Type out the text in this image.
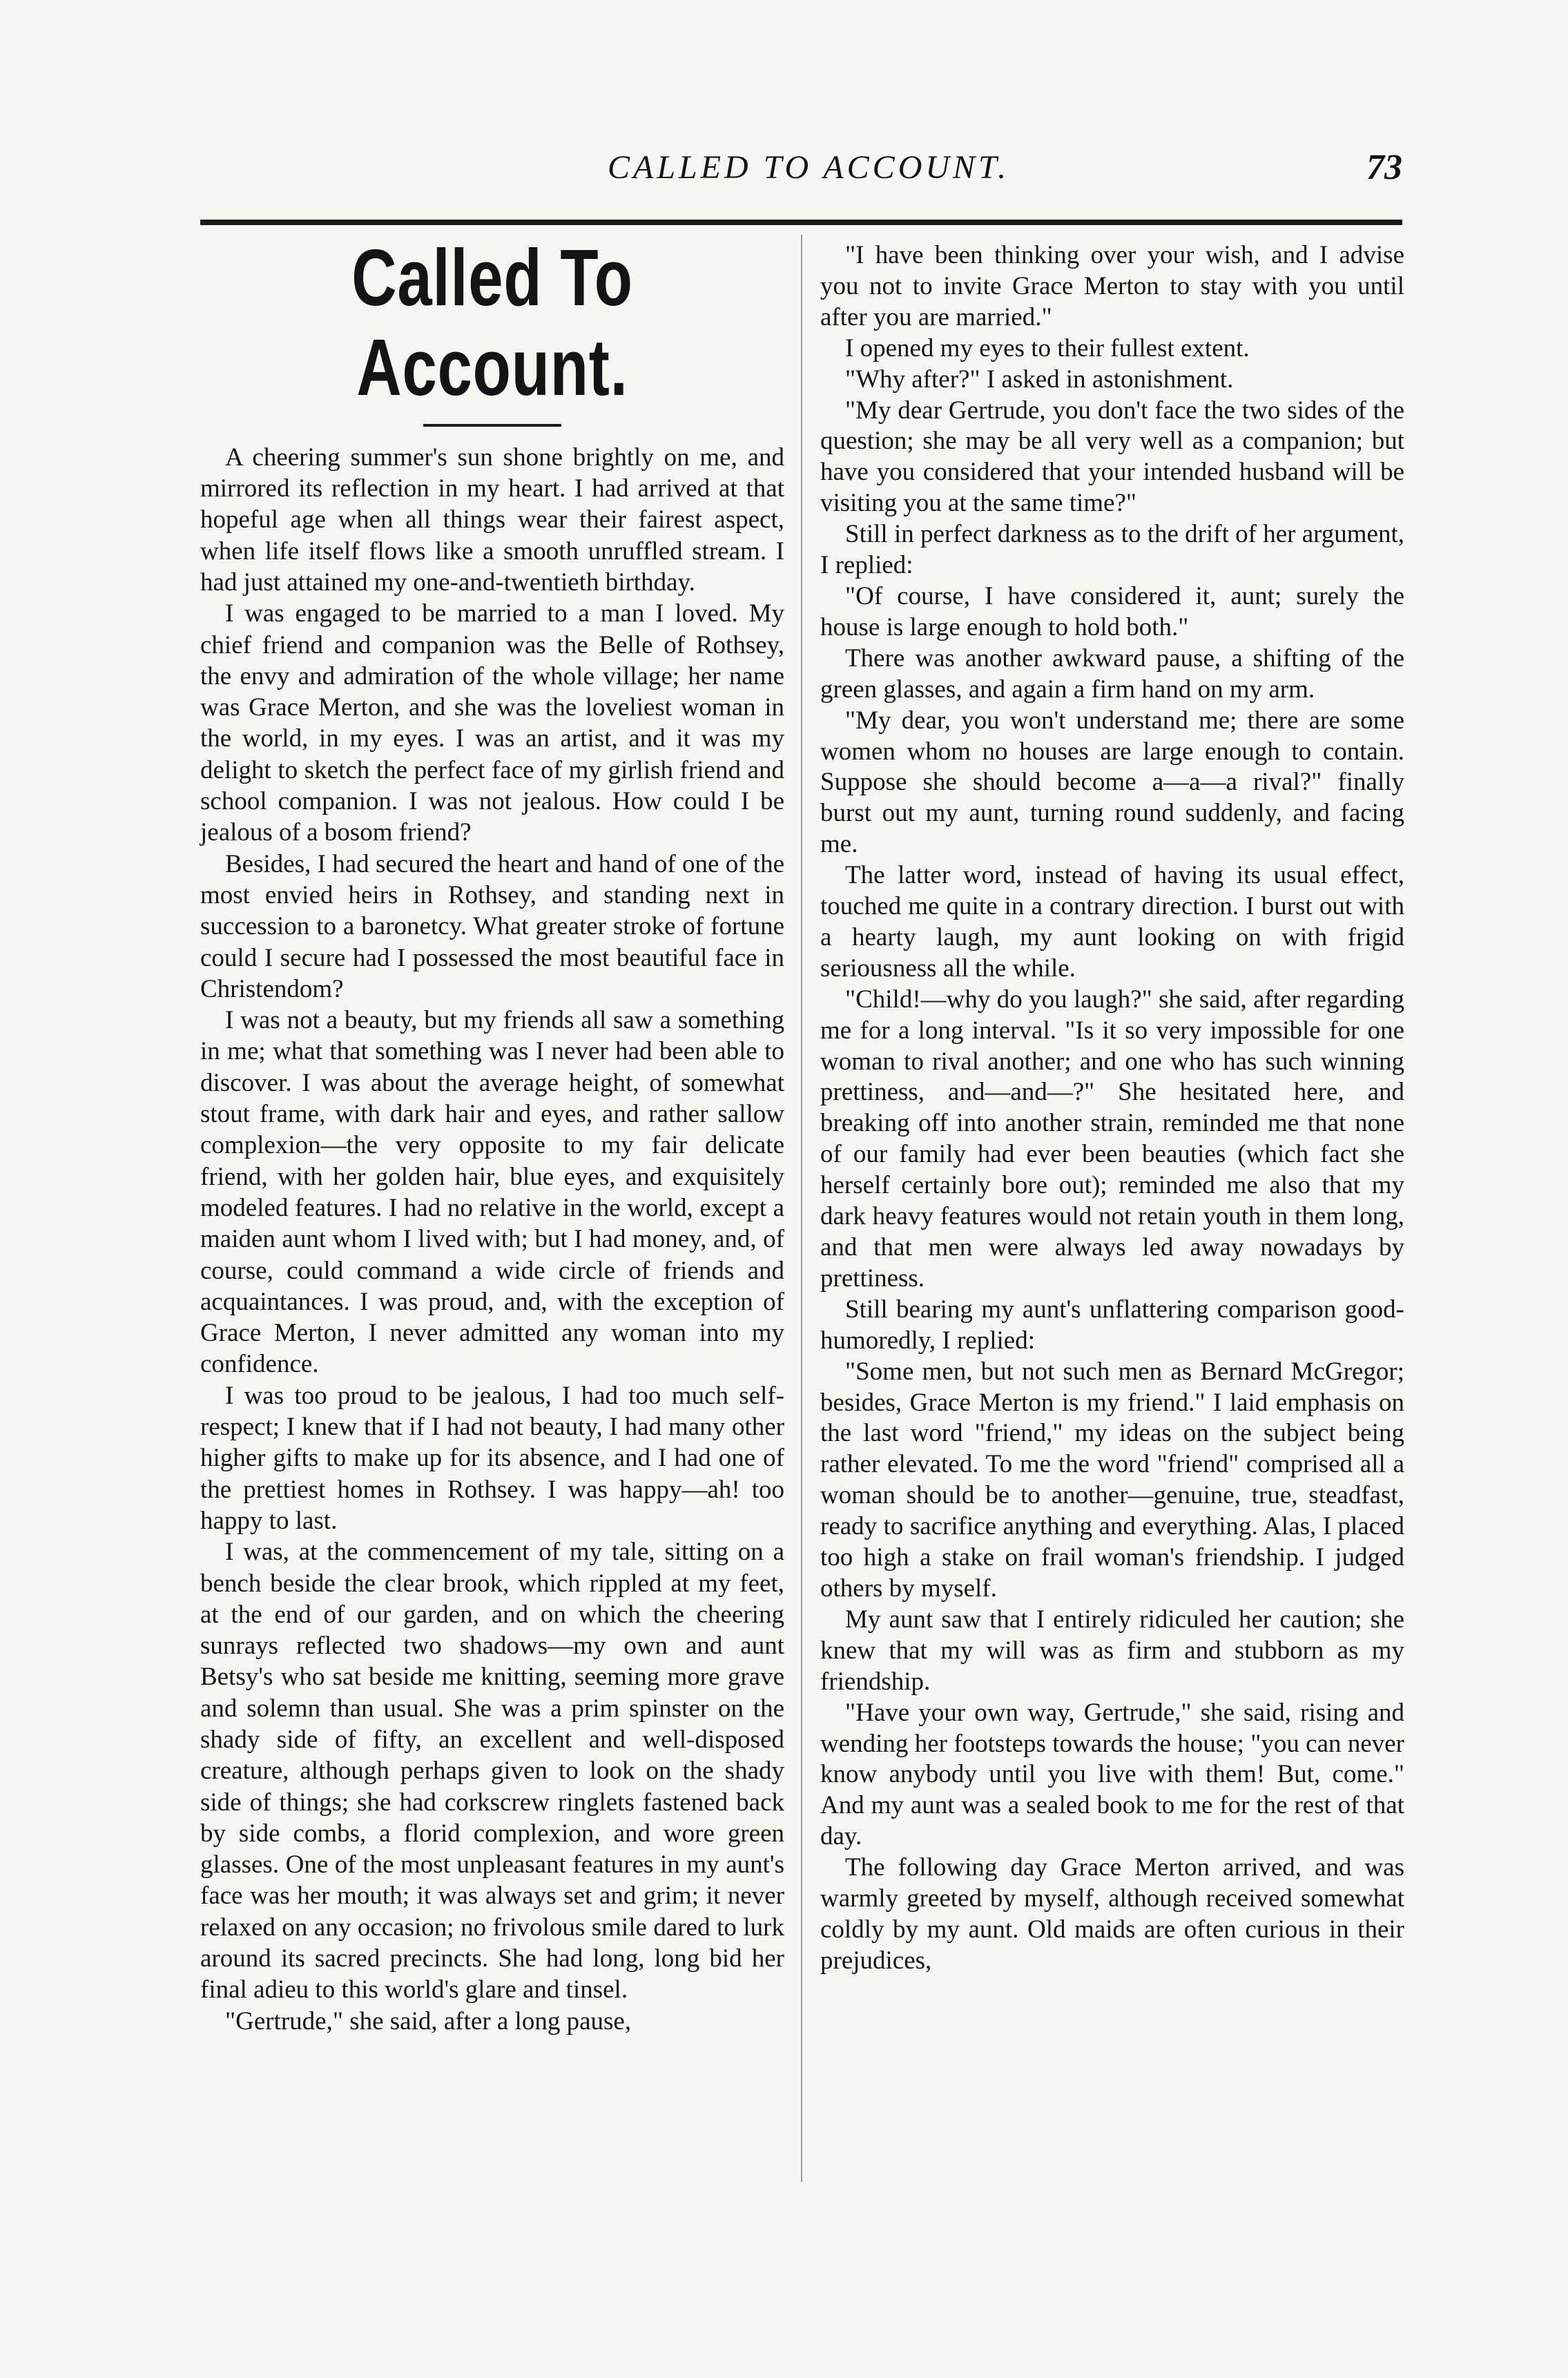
CALLED TO ACCOUNT.	73
Called To Account.

A cheering summer's sun shone brightly on me, and mirrored its reflection in my heart. I had arrived at that hopeful age when all things wear their fairest aspect, when life itself flows like a smooth unruffled stream. I had just attained my one-and-twentieth birthday.

I was engaged to be married to a man I loved. My chief friend and companion was the Belle of Rothsey, the envy and admiration of the whole village; her name was Grace Merton, and she was the loveliest woman in the world, in my eyes. I was an artist, and it was my delight to sketch the perfect face of my girlish friend and school companion. I was not jealous. How could I be jealous of a bosom friend?

Besides, I had secured the heart and hand of one of the most envied heirs in Rothsey, and standing next in succession to a baronetcy. What greater stroke of fortune could I secure had I possessed the most beautiful face in Christendom?

I was not a beauty, but my friends all saw a something in me; what that something was I never had been able to discover. I was about the average height, of somewhat stout frame, with dark hair and eyes, and rather sallow complexion—the very opposite to my fair delicate friend, with her golden hair, blue eyes, and exquisitely modeled features. I had no relative in the world, except a maiden aunt whom I lived with; but I had money, and, of course, could command a wide circle of friends and acquaintances. I was proud, and, with the exception of Grace Merton, I never admitted any woman into my confidence.

I was too proud to be jealous, I had too much self-respect; I knew that if I had not beauty, I had many other higher gifts to make up for its absence, and I had one of the prettiest homes in Rothsey. I was happy—ah! too happy to last.

I was, at the commencement of my tale, sitting on a bench beside the clear brook, which rippled at my feet, at the end of our garden, and on which the cheering sunrays reflected two shadows—my own and aunt Betsy's who sat beside me knitting, seeming more grave and solemn than usual. She was a prim spinster on the shady side of fifty, an excellent and well-disposed creature, although perhaps given to look on the shady side of things; she had corkscrew ringlets fastened back by side combs, a florid complexion, and wore green glasses. One of the most unpleasant features in my aunt's face was her mouth; it was always set and grim; it never relaxed on any occasion; no frivolous smile dared to lurk around its sacred precincts. She had long, long bid her final adieu to this world's glare and tinsel.

"Gertrude," she said, after a long pause,

"I have been thinking over your wish, and I advise you not to invite Grace Merton to stay with you until after you are married."

I opened my eyes to their fullest extent.

"Why after?" I asked in astonishment.

"My dear Gertrude, you don't face the two sides of the question; she may be all very well as a companion; but have you considered that your intended husband will be visiting you at the same time?"

Still in perfect darkness as to the drift of her argument, I replied:

"Of course, I have considered it, aunt; surely the house is large enough to hold both."

There was another awkward pause, a shifting of the green glasses, and again a firm hand on my arm.

"My dear, you won't understand me; there are some women whom no houses are large enough to contain. Suppose she should become a—a—a rival?" finally burst out my aunt, turning round suddenly, and facing me.

The latter word, instead of having its usual effect, touched me quite in a contrary direction. I burst out with a hearty laugh, my aunt looking on with frigid seriousness all the while.

"Child!—why do you laugh?" she said, after regarding me for a long interval. "Is it so very impossible for one woman to rival another; and one who has such winning prettiness, and—and—?" She hesitated here, and breaking off into another strain, reminded me that none of our family had ever been beauties (which fact she herself certainly bore out); reminded me also that my dark heavy features would not retain youth in them long, and that men were always led away nowadays by prettiness.

Still bearing my aunt's unflattering comparison good-humoredly, I replied:

"Some men, but not such men as Bernard McGregor; besides, Grace Merton is my friend." I laid emphasis on the last word "friend," my ideas on the subject being rather elevated. To me the word "friend" comprised all a woman should be to another—genuine, true, steadfast, ready to sacrifice anything and everything. Alas, I placed too high a stake on frail woman's friendship. I judged others by myself.

My aunt saw that I entirely ridiculed her caution; she knew that my will was as firm and stubborn as my friendship.

"Have your own way, Gertrude," she said, rising and wending her footsteps towards the house; "you can never know anybody until you live with them! But, come." And my aunt was a sealed book to me for the rest of that day.

The following day Grace Merton arrived, and was warmly greeted by myself, although received somewhat coldly by my aunt. Old maids are often curious in their prejudices,
